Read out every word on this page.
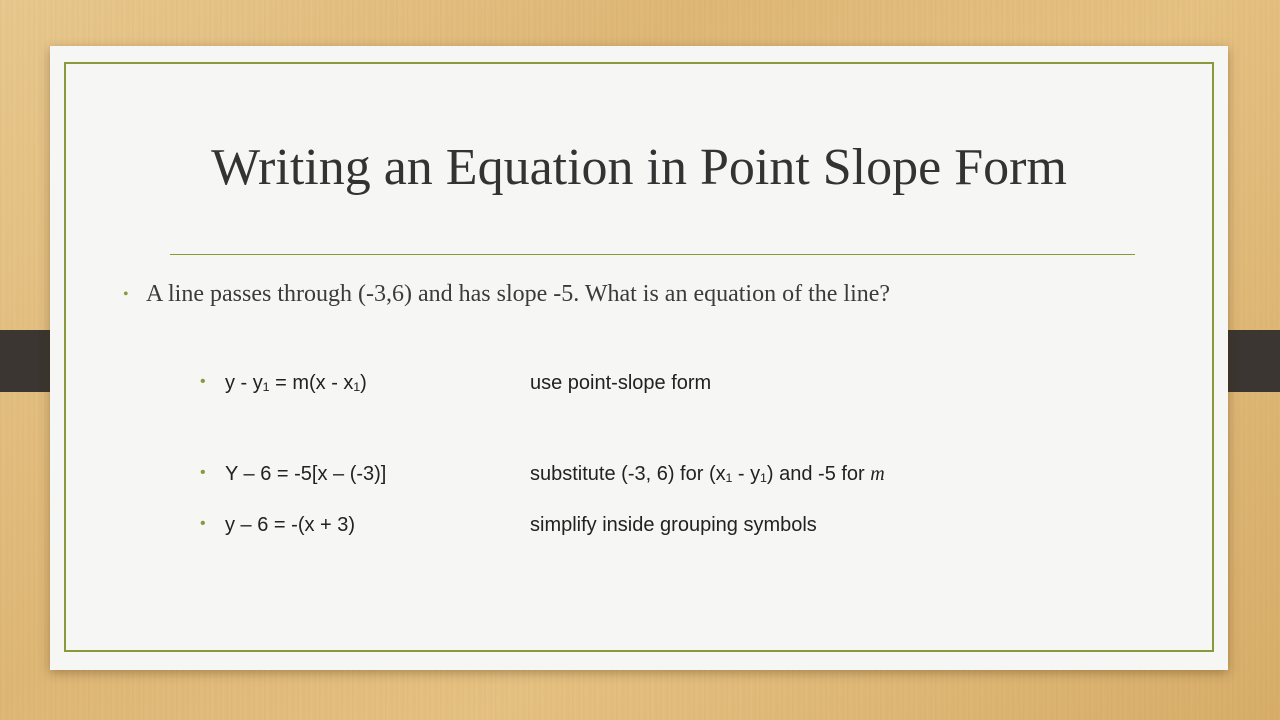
Writing an Equation in Point Slope Form
• A line passes through (-3,6) and has slope -5. What is an equation of the line?
• y - y₁ = m(x - x₁)	use point-slope form
• Y – 6 = -5[x – (-3)]	substitute (-3, 6) for (x₁ - y₁) and -5 for m
• y – 6 = -(x + 3)	simplify inside grouping symbols
